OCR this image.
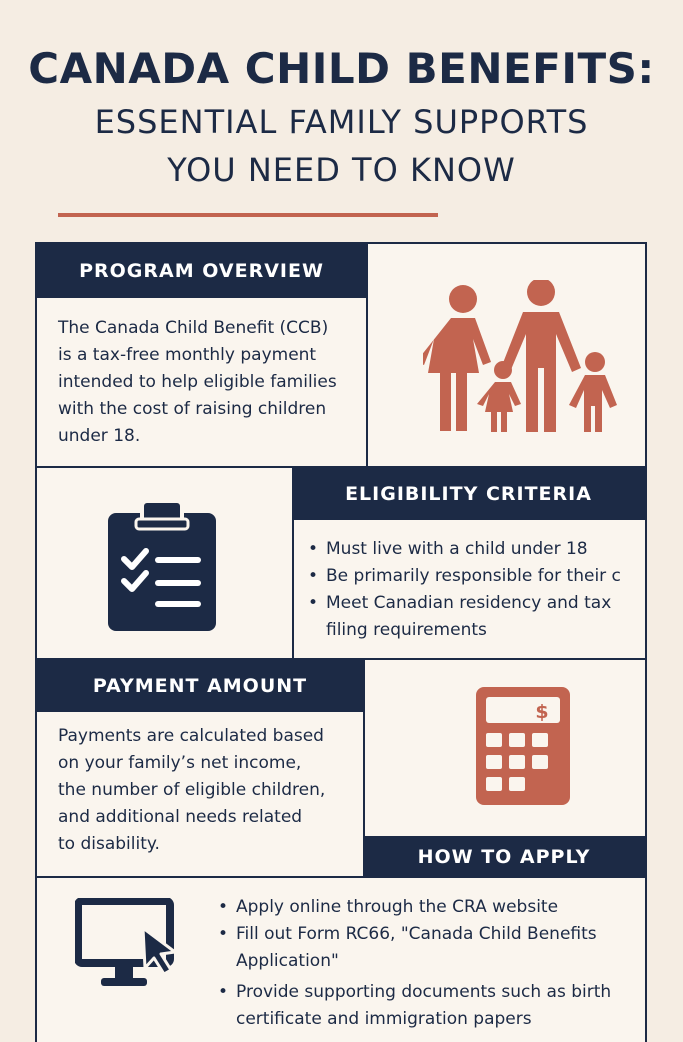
CANADA CHILD BENEFITS:

ESSENTIAL FAMILY SUPPORTS

YOU NEED TO KNOW

PROGRAM OVERVIEW
The Canada Child Benefit (CCB)
is a tax-free monthly payment
intended to help eligible families
with the cost of raising children
under 18.
ELIGIBILITY CRITERIA
• Must live with a child under 18
• Be primarily responsible for their c
• Meet Canadian residency and tax filing requirements
PAYMENT AMOUNT
Payments are calculated based
on your family’s net income,
the number of eligible children,
and additional needs related
to disability.
$
HOW TO APPLY
• Apply online through the CRA website
• Fill out Form RC66, "Canada Child Benefits Application"
• Provide supporting documents such as birth certificate and immigration papers
